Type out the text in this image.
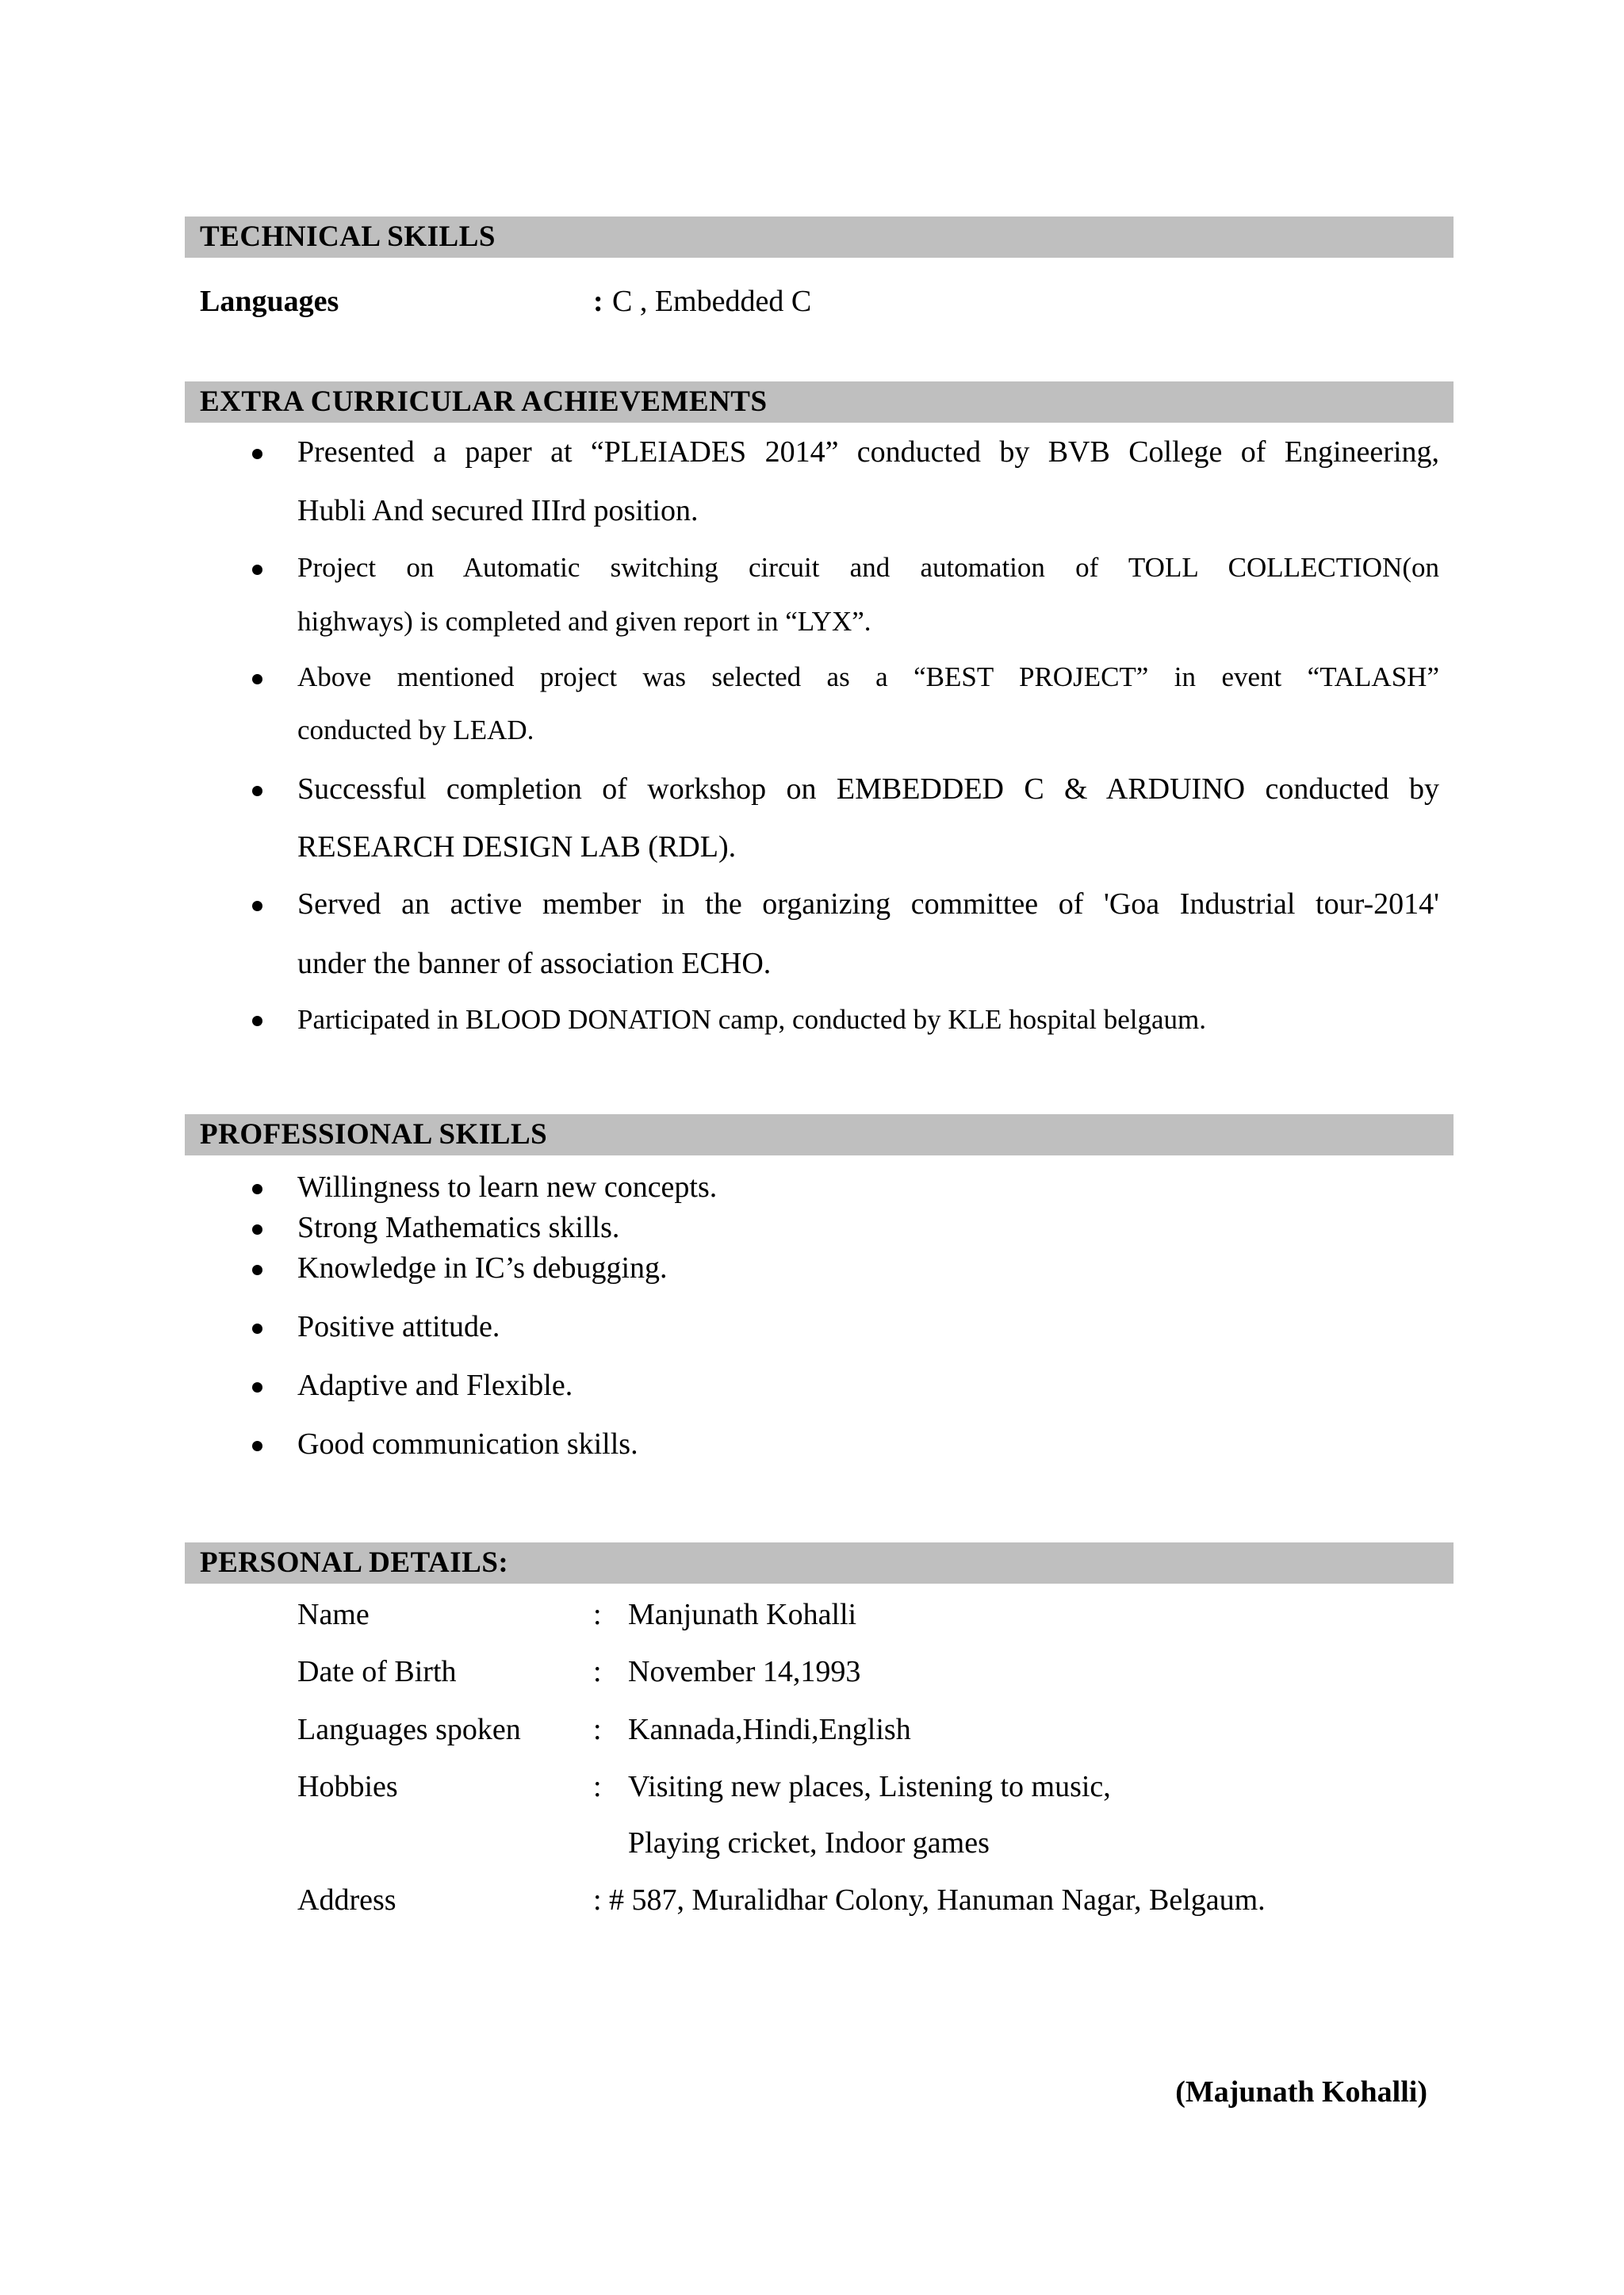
TECHNICAL SKILLS
Languages	: C , Embedded C
EXTRA CURRICULAR ACHIEVEMENTS
Presented a paper at “PLEIADES 2014” conducted by BVB College of Engineering,
Hubli And secured IIIrd position.
Project on Automatic switching circuit and automation of TOLL COLLECTION(on
highways) is completed and given report in “LYX”.
Above mentioned project was selected as a “BEST PROJECT” in event “TALASH”
conducted by LEAD.
Successful completion of workshop on EMBEDDED C & ARDUINO conducted by
RESEARCH DESIGN LAB (RDL).
Served an active member in the organizing committee of 'Goa Industrial tour-2014'
under the banner of association ECHO.
Participated in BLOOD DONATION camp, conducted by KLE hospital belgaum.
PROFESSIONAL SKILLS
Willingness to learn new concepts.
Strong Mathematics skills.
Knowledge in IC’s debugging.
Positive attitude.
Adaptive and Flexible.
Good communication skills.
PERSONAL DETAILS:
Name	: Manjunath Kohalli
Date of Birth	: November 14,1993
Languages spoken : Kannada,Hindi,English
Hobbies	: Visiting new places, Listening to music,
Playing cricket, Indoor games
Address	: # 587, Muralidhar Colony, Hanuman Nagar, Belgaum.
(Majunath Kohalli)
